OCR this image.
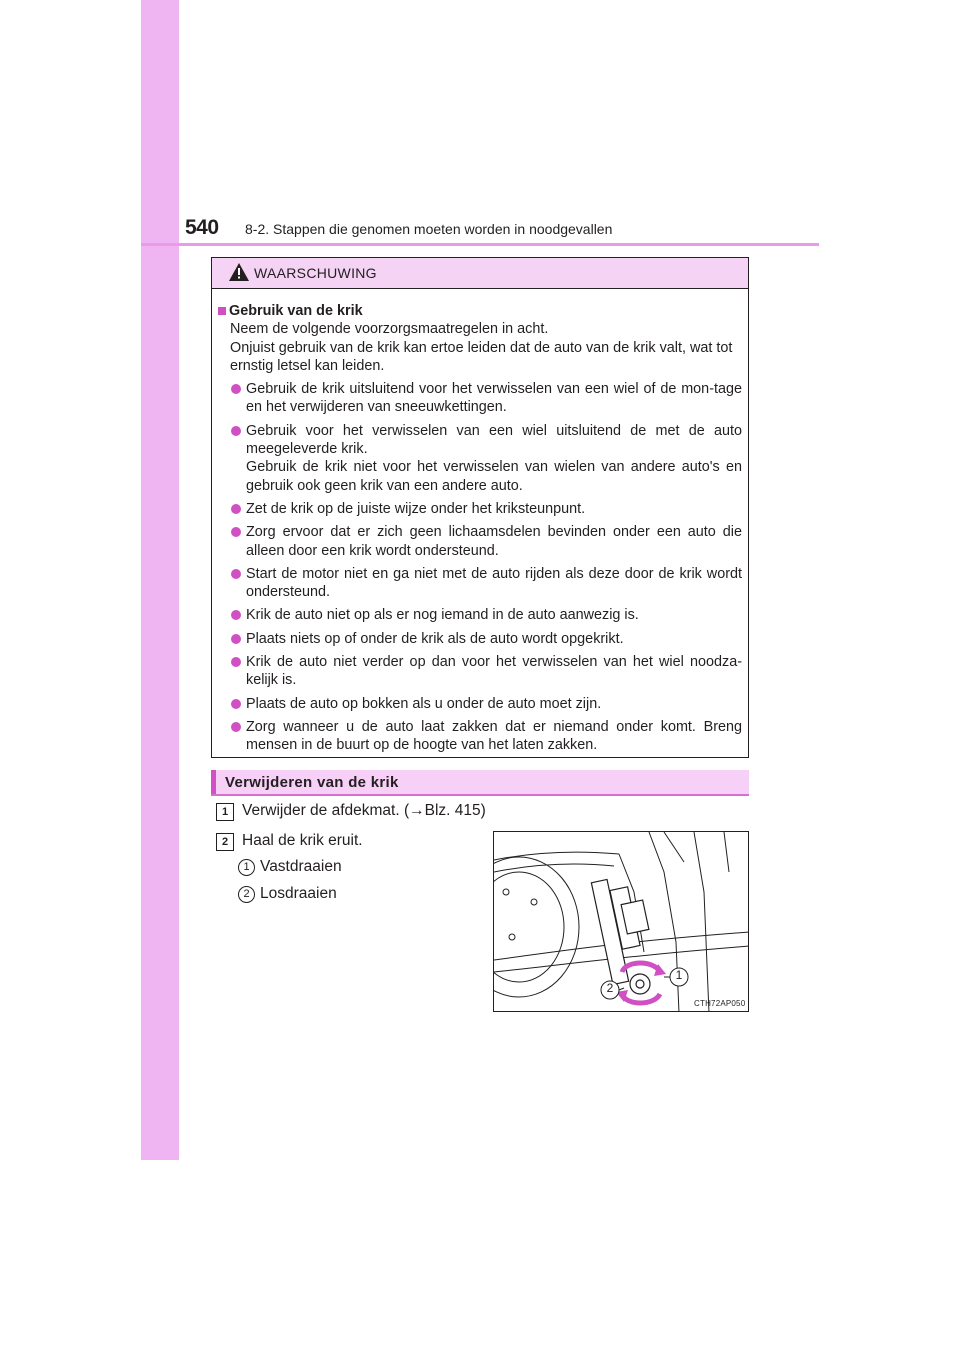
540 8-2. Stappen die genomen moeten worden in noodgevallen
WAARSCHUWING
Gebruik van de krik
Neem de volgende voorzorgsmaatregelen in acht.
Onjuist gebruik van de krik kan ertoe leiden dat de auto van de krik valt, wat tot ernstig letsel kan leiden.
Gebruik de krik uitsluitend voor het verwisselen van een wiel of de mon-tage en het verwijderen van sneeuwkettingen.
Gebruik voor het verwisselen van een wiel uitsluitend de met de auto meegeleverde krik.
Gebruik de krik niet voor het verwisselen van wielen van andere auto's en gebruik ook geen krik van een andere auto.
Zet de krik op de juiste wijze onder het kriksteunpunt.
Zorg ervoor dat er zich geen lichaamsdelen bevinden onder een auto die alleen door een krik wordt ondersteund.
Start de motor niet en ga niet met de auto rijden als deze door de krik wordt ondersteund.
Krik de auto niet op als er nog iemand in de auto aanwezig is.
Plaats niets op of onder de krik als de auto wordt opgekrikt.
Krik de auto niet verder op dan voor het verwisselen van het wiel noodza-kelijk is.
Plaats de auto op bokken als u onder de auto moet zijn.
Zorg wanneer u de auto laat zakken dat er niemand onder komt. Breng mensen in de buurt op de hoogte van het laten zakken.
Verwijderen van de krik
1 Verwijder de afdekmat. (→Blz. 415)
2 Haal de krik eruit.
1 Vastdraaien
2 Losdraaien
1
2
CTH72AP050
